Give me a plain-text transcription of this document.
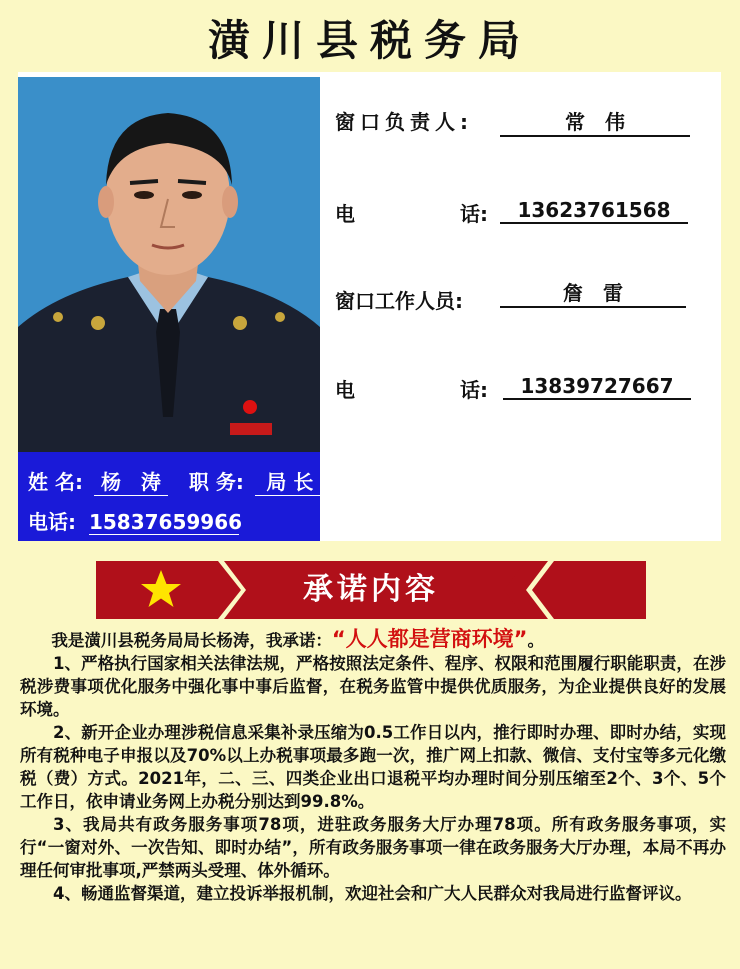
潢川县税务局
姓 名: 杨　涛 职 务: 局 长
电话: 15837659966
窗口负责人:	常　伟
电	话:	13623761568
窗口工作人员:	詹　雷
电	话:	13839727667
承诺内容

我是潢川县税务局局长杨涛，我承诺：“人人都是营商环境”。

1、严格执行国家相关法律法规，严格按照法定条件、程序、权限和范围履行职能职责，在涉税涉费事项优化服务中强化事中事后监督，在税务监管中提供优质服务，为企业提供良好的发展环境。

2、新开企业办理涉税信息采集补录压缩为0.5工作日以内，推行即时办理、即时办结，实现所有税种电子申报以及70%以上办税事项最多跑一次，推广网上扣款、微信、支付宝等多元化缴税（费）方式。2021年，二、三、四类企业出口退税平均办理时间分别压缩至2个、3个、5个工作日，依申请业务网上办税分别达到99.8%。

3、我局共有政务服务事项78项，进驻政务服务大厅办理78项。所有政务服务事项，实行“一窗对外、一次告知、即时办结”，所有政务服务事项一律在政务服务大厅办理，本局不再办理任何审批事项,严禁两头受理、体外循环。

4、畅通监督渠道，建立投诉举报机制，欢迎社会和广大人民群众对我局进行监督评议。
